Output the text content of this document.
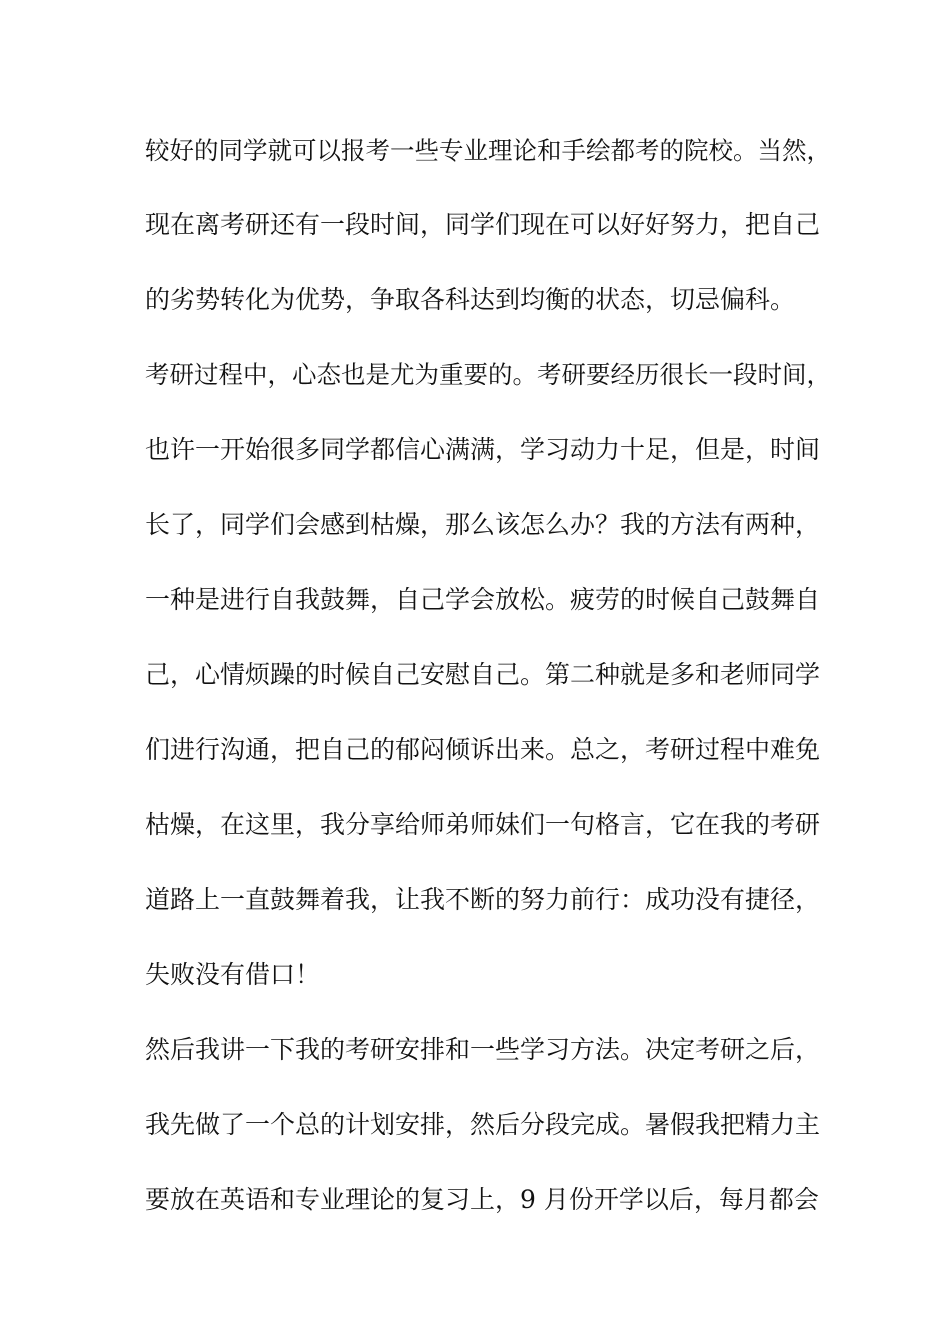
较好的同学就可以报考一些专业理论和手绘都考的院校。当然，
现在离考研还有一段时间，同学们现在可以好好努力，把自己
的劣势转化为优势，争取各科达到均衡的状态，切忌偏科。
考研过程中，心态也是尤为重要的。考研要经历很长一段时间，
也许一开始很多同学都信心满满，学习动力十足，但是，时间
长了，同学们会感到枯燥，那么该怎么办？我的方法有两种，
一种是进行自我鼓舞，自己学会放松。疲劳的时候自己鼓舞自
己，心情烦躁的时候自己安慰自己。第二种就是多和老师同学
们进行沟通，把自己的郁闷倾诉出来。总之，考研过程中难免
枯燥，在这里，我分享给师弟师妹们一句格言，它在我的考研
道路上一直鼓舞着我，让我不断的努力前行：成功没有捷径，
失败没有借口！
然后我讲一下我的考研安排和一些学习方法。决定考研之后，
我先做了一个总的计划安排，然后分段完成。暑假我把精力主
要放在英语和专业理论的复习上，9 月份开学以后，每月都会
